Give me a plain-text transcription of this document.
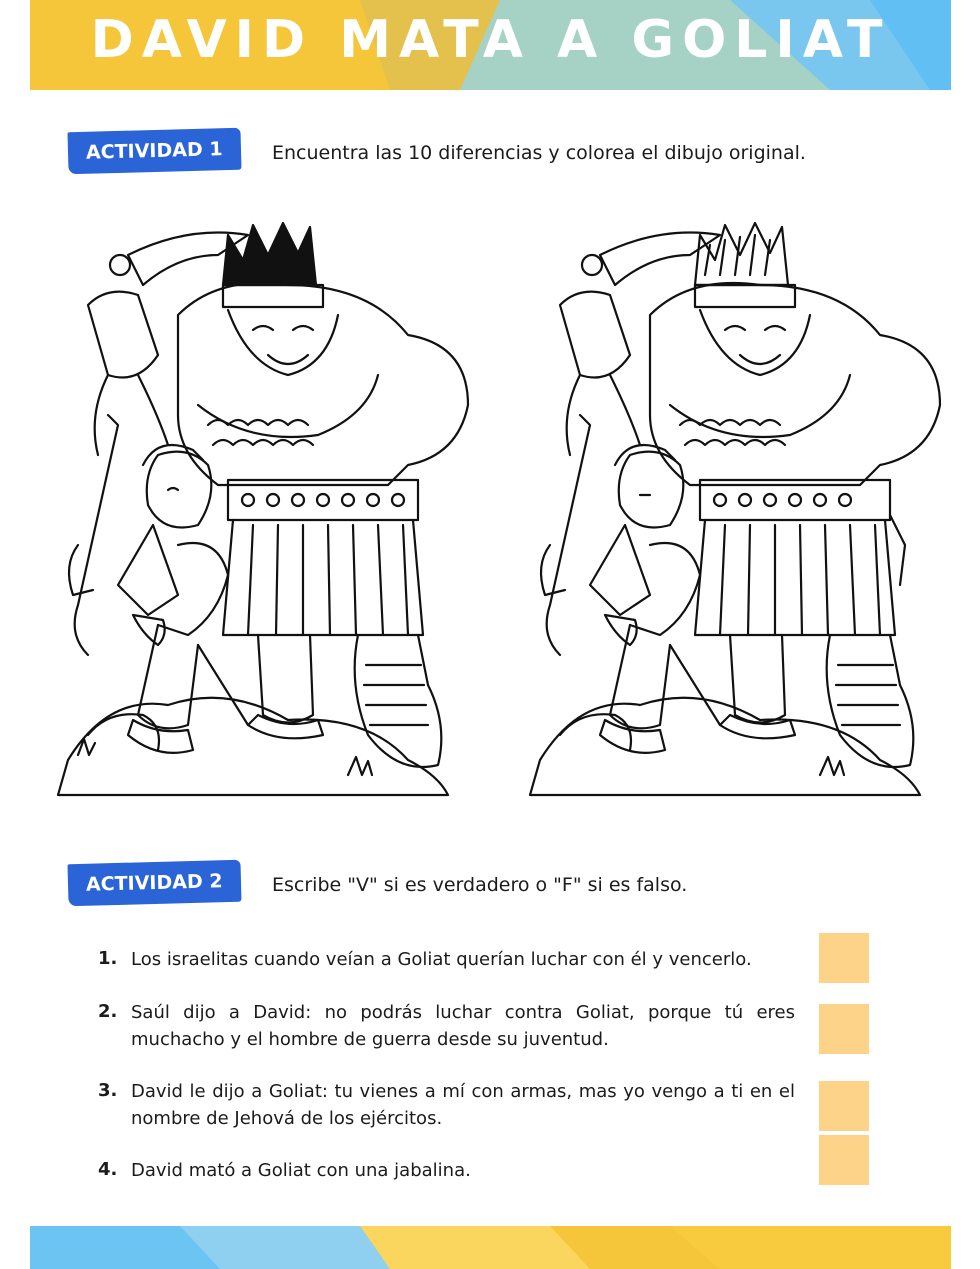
DAVID MATA A GOLIAT
ACTIVIDAD 1	Encuentra las 10 diferencias y colorea el dibujo original.
ACTIVIDAD 2	Escribe "V" si es verdadero o "F" si es falso.
1. Los israelitas cuando veían a Goliat querían luchar con él y vencerlo.
2. Saúl dijo a David: no podrás luchar contra Goliat, porque tú eres muchacho y el hombre de guerra desde su juventud.
3. David le dijo a Goliat: tu vienes a mí con armas, mas yo vengo a ti en el nombre de Jehová de los ejércitos.
4. David mató a Goliat con una jabalina.
